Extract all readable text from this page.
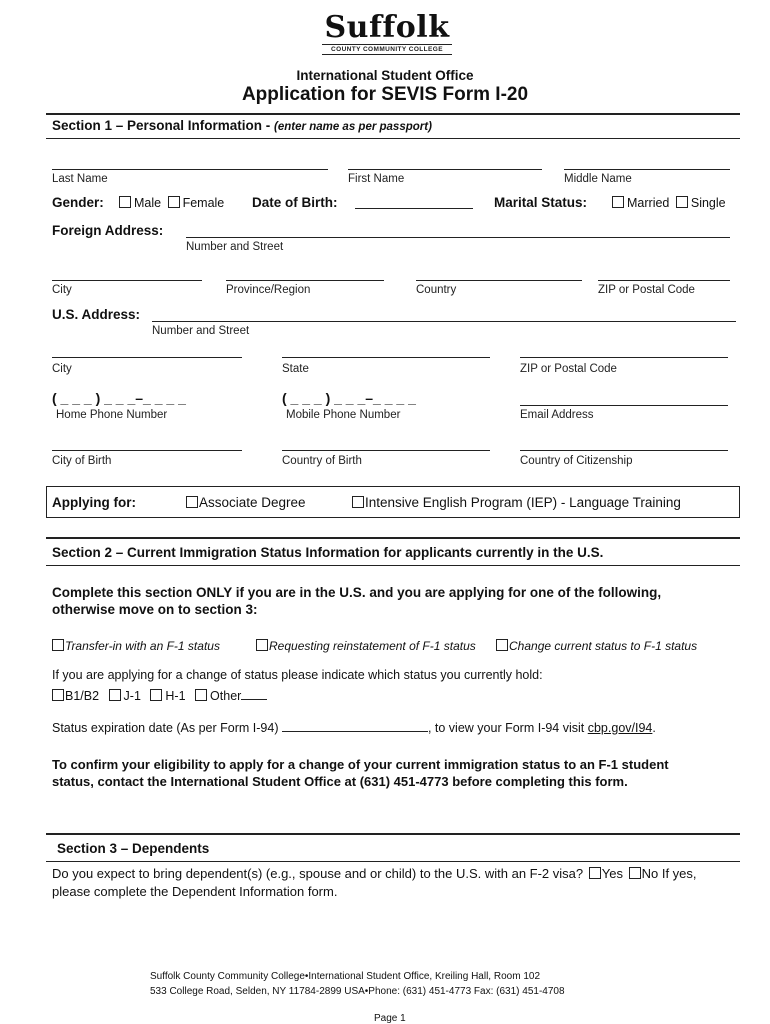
Suffolk
COUNTY COMMUNITY COLLEGE
International Student Office
Application for SEVIS Form I-20
Section 1 – Personal Information - (enter name as per passport)
Last Name	First Name	Middle Name
Gender:	Male Female Date of Birth:	Marital Status:	Married Single
Foreign Address:
Number and Street
City	Province/Region	Country	ZIP or Postal Code
U.S. Address:
Number and Street
City	State	ZIP or Postal Code
( _ _ _ ) _ _ _–_ _ _ _	( _ _ _ ) _ _ _–_ _ _ _
Home Phone Number	Mobile Phone Number	Email Address
City of Birth	Country of Birth	Country of Citizenship
Applying for:	Associate Degree	Intensive English Program (IEP) - Language Training
Section 2 – Current Immigration Status Information for applicants currently in the U.S.
Complete this section ONLY if you are in the U.S. and you are applying for one of the following,
otherwise move on to section 3:
Transfer-in with an F-1 status	Requesting reinstatement of F-1 status	Change current status to F-1 status
If you are applying for a change of status please indicate which status you currently hold:
B1/B2 J-1 H-1 Other
Status expiration date (As per Form I-94)	, to view your Form I-94 visit cbp.gov/I94.
To confirm your eligibility to apply for a change of your current immigration status to an F-1 student
status, contact the International Student Office at (631) 451-4773 before completing this form.
Section 3 – Dependents
Do you expect to bring dependent(s) (e.g., spouse and or child) to the U.S. with an F-2 visa? Yes No If yes,
please complete the Dependent Information form.
Suffolk County Community College•International Student Office, Kreiling Hall, Room 102
533 College Road, Selden, NY 11784-2899 USA•Phone: (631) 451-4773 Fax: (631) 451-4708
Page 1
